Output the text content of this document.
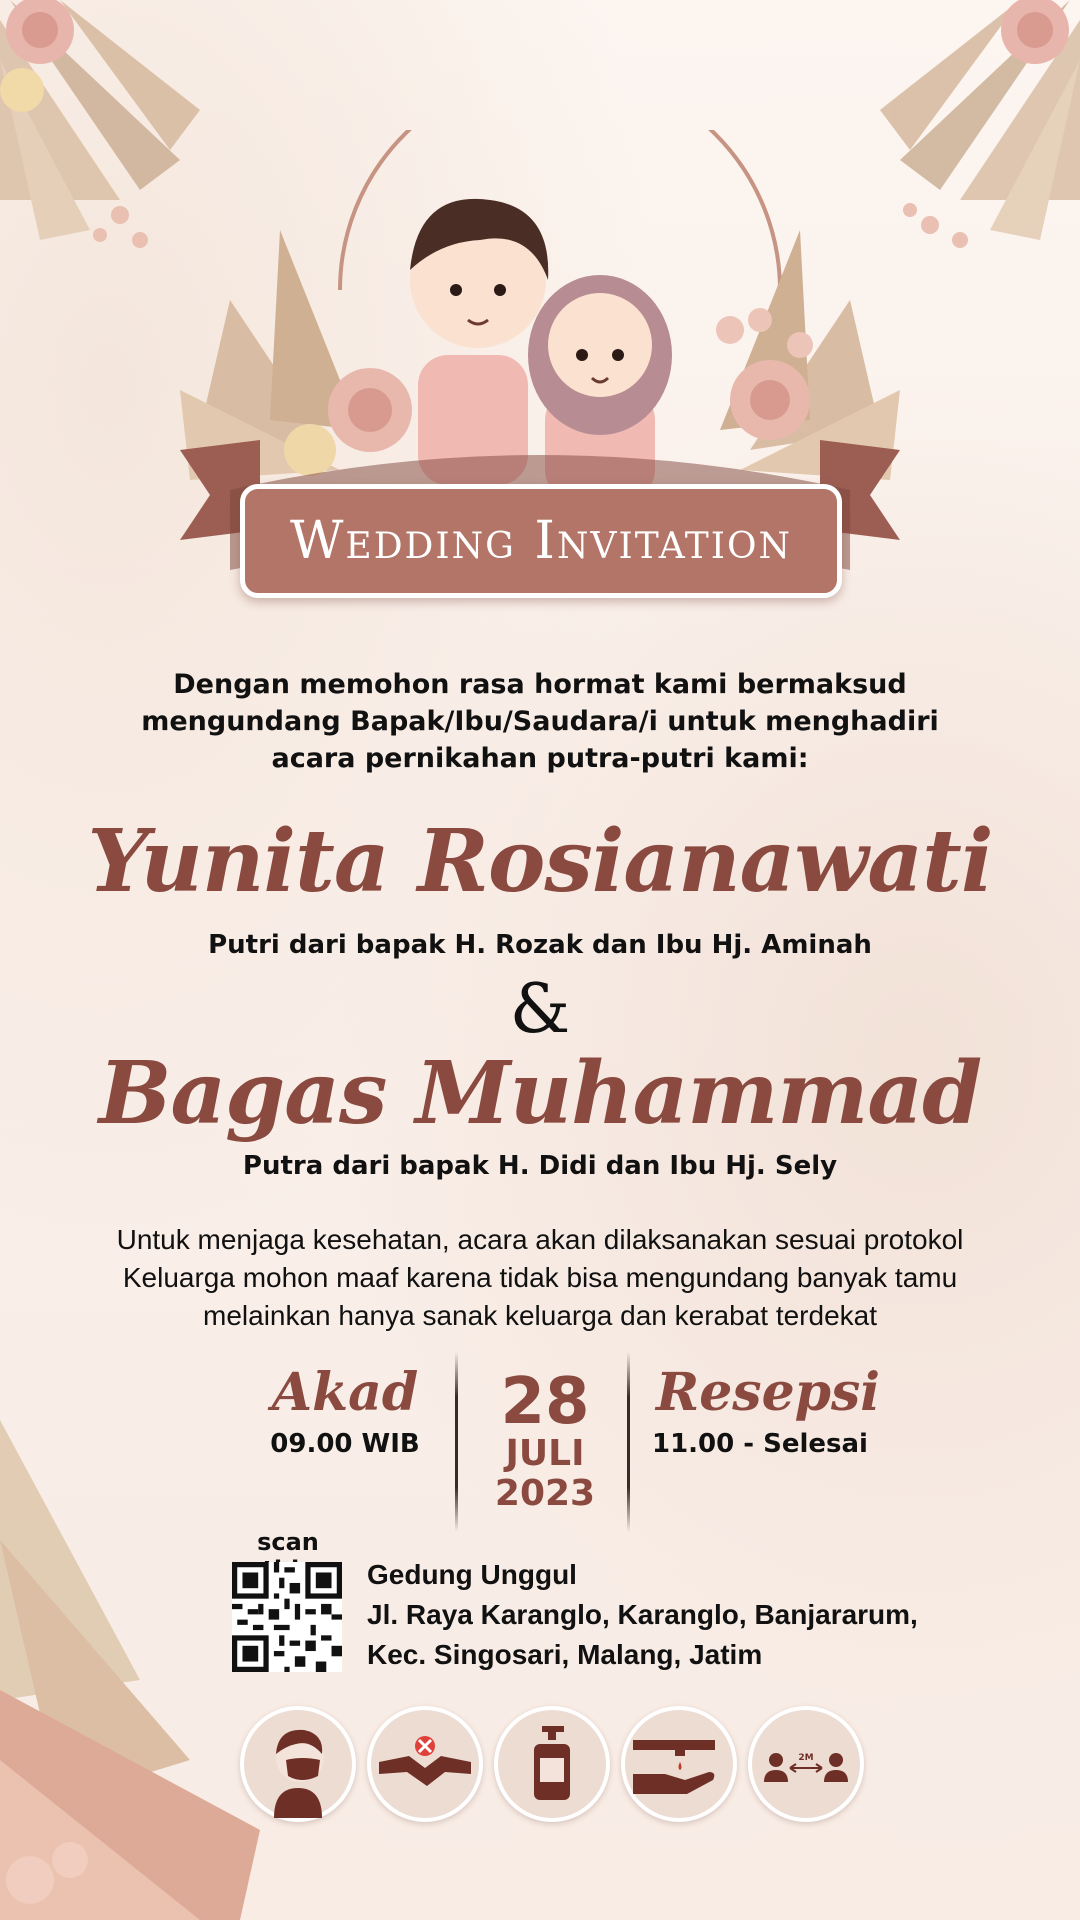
Wedding Invitation
Dengan memohon rasa hormat kami bermaksud
mengundang Bapak/Ibu/Saudara/i untuk menghadiri
acara pernikahan putra-putri kami:
Yunita Rosianawati
Putri dari bapak H. Rozak dan Ibu Hj. Aminah
&
Bagas Muhammad
Putra dari bapak H. Didi dan Ibu Hj. Sely
Untuk menjaga kesehatan, acara akan dilaksanakan sesuai protokol
Keluarga mohon maaf karena tidak bisa mengundang banyak tamu
melainkan hanya sanak keluarga dan kerabat terdekat
Akad
09.00 WIB
28
JULI
2023
Resepsi
11.00 - Selesai
scan
Gedung Unggul
Jl. Raya Karanglo, Karanglo, Banjararum,
Kec. Singosari, Malang, Jatim
2M
